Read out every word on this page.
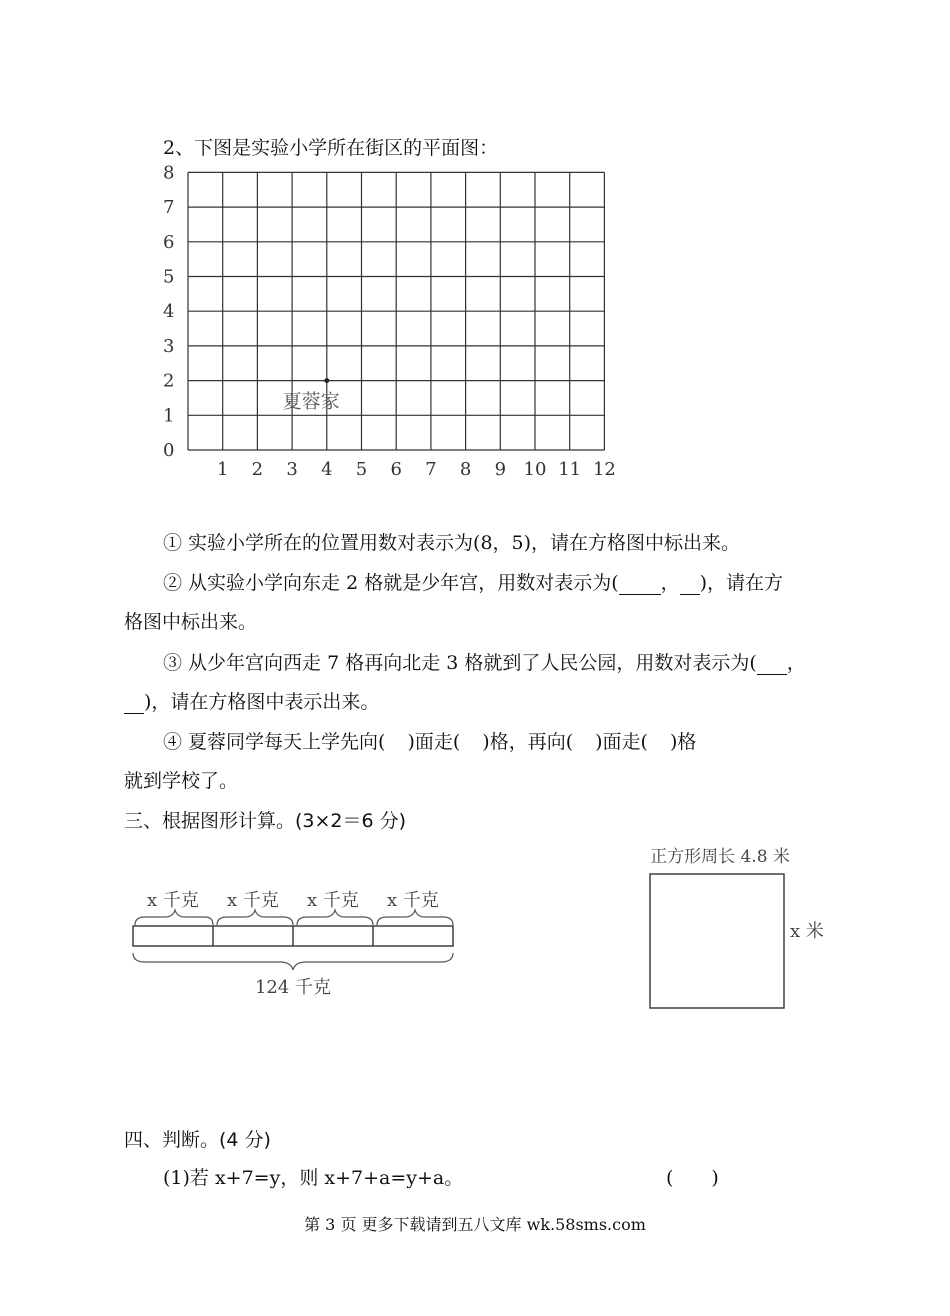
2、下图是实验小学所在街区的平面图：
0
1
2
3
4
5
6
7
8
1 2 3 4 5 6 7 8 9 10 11 12
夏蓉家
① 实验小学所在的位置用数对表示为(8，5)，请在方格图中标出来。
② 从实验小学向东走 2 格就是少年宫，用数对表示为( ， )，请在方
格图中标出来。
③ 从少年宫向西走 7 格再向北走 3 格就到了人民公园，用数对表示为( ，
)，请在方格图中表示出来。
④ 夏蓉同学每天上学先向( )面走( )格，再向( )面走( )格
就到学校了。
三、根据图形计算。(3×2＝6 分)
x 千克 x 千克 x 千克 x 千克
124 千克
正方形周长 4.8 米
x 米
四、判断。(4 分)
(1)若 x+7=y，则 x+7+a=y+a。	(　　)
第 3 页 更多下载请到五八文库 wk.58sms.com
